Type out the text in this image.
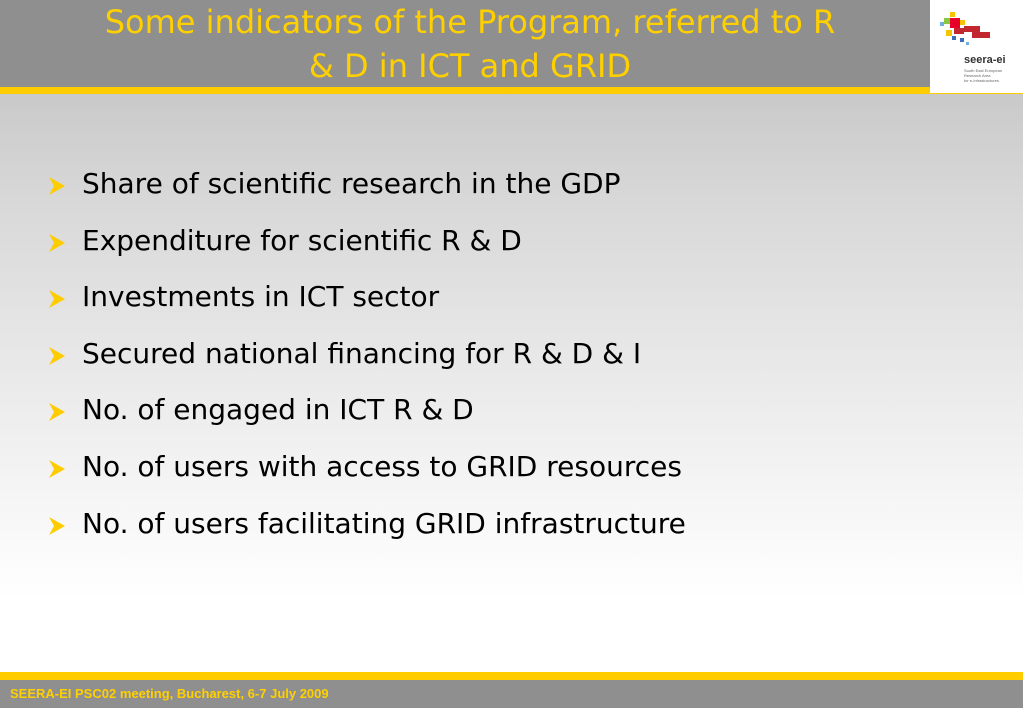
Some indicators of the Program, referred to R
& D in ICT and GRID	seera-ei
South East European
Research Area
for e-Infrastructures
Share of scientific research in the GDP
Expenditure for scientific R & D
Investments in ICT sector
Secured national financing for R & D & I
No. of engaged in ICT R & D
No. of users with access to GRID resources
No. of users facilitating GRID infrastructure
SEERA-EI PSC02 meeting, Bucharest, 6-7 July 2009
